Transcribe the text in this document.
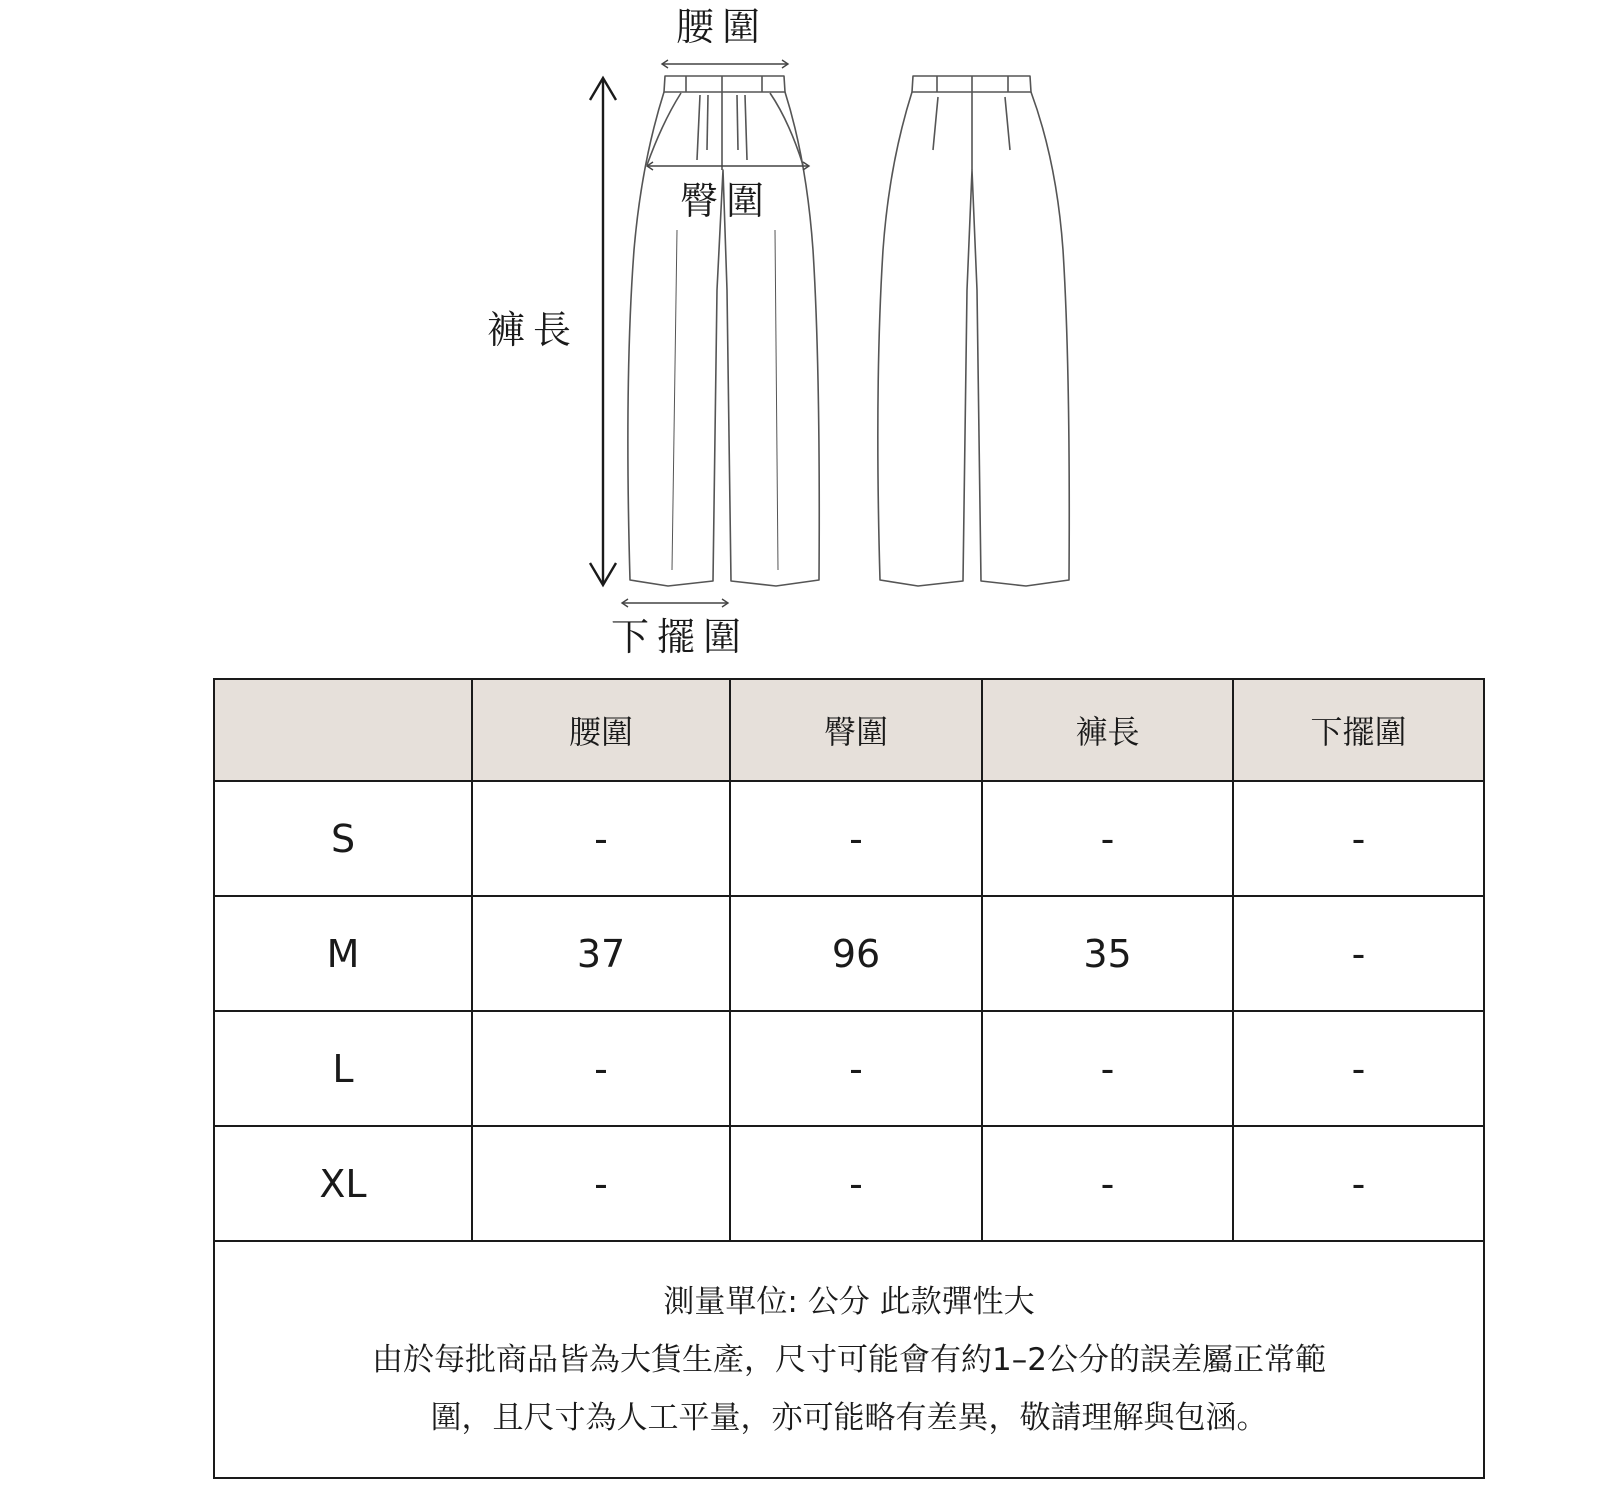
腰圍
臀圍
褲長
下擺圍
	腰圍	臀圍	褲長	下擺圍
S	-	-	-	-
M	37	96	35	-
L	-	-	-	-
XL	-	-	-	-

測量單位: 公分 此款彈性大
由於每批商品皆為大貨生產，尺寸可能會有約1–2公分的誤差屬正常範
圍，且尺寸為人工平量，亦可能略有差異，敬請理解與包涵。				
